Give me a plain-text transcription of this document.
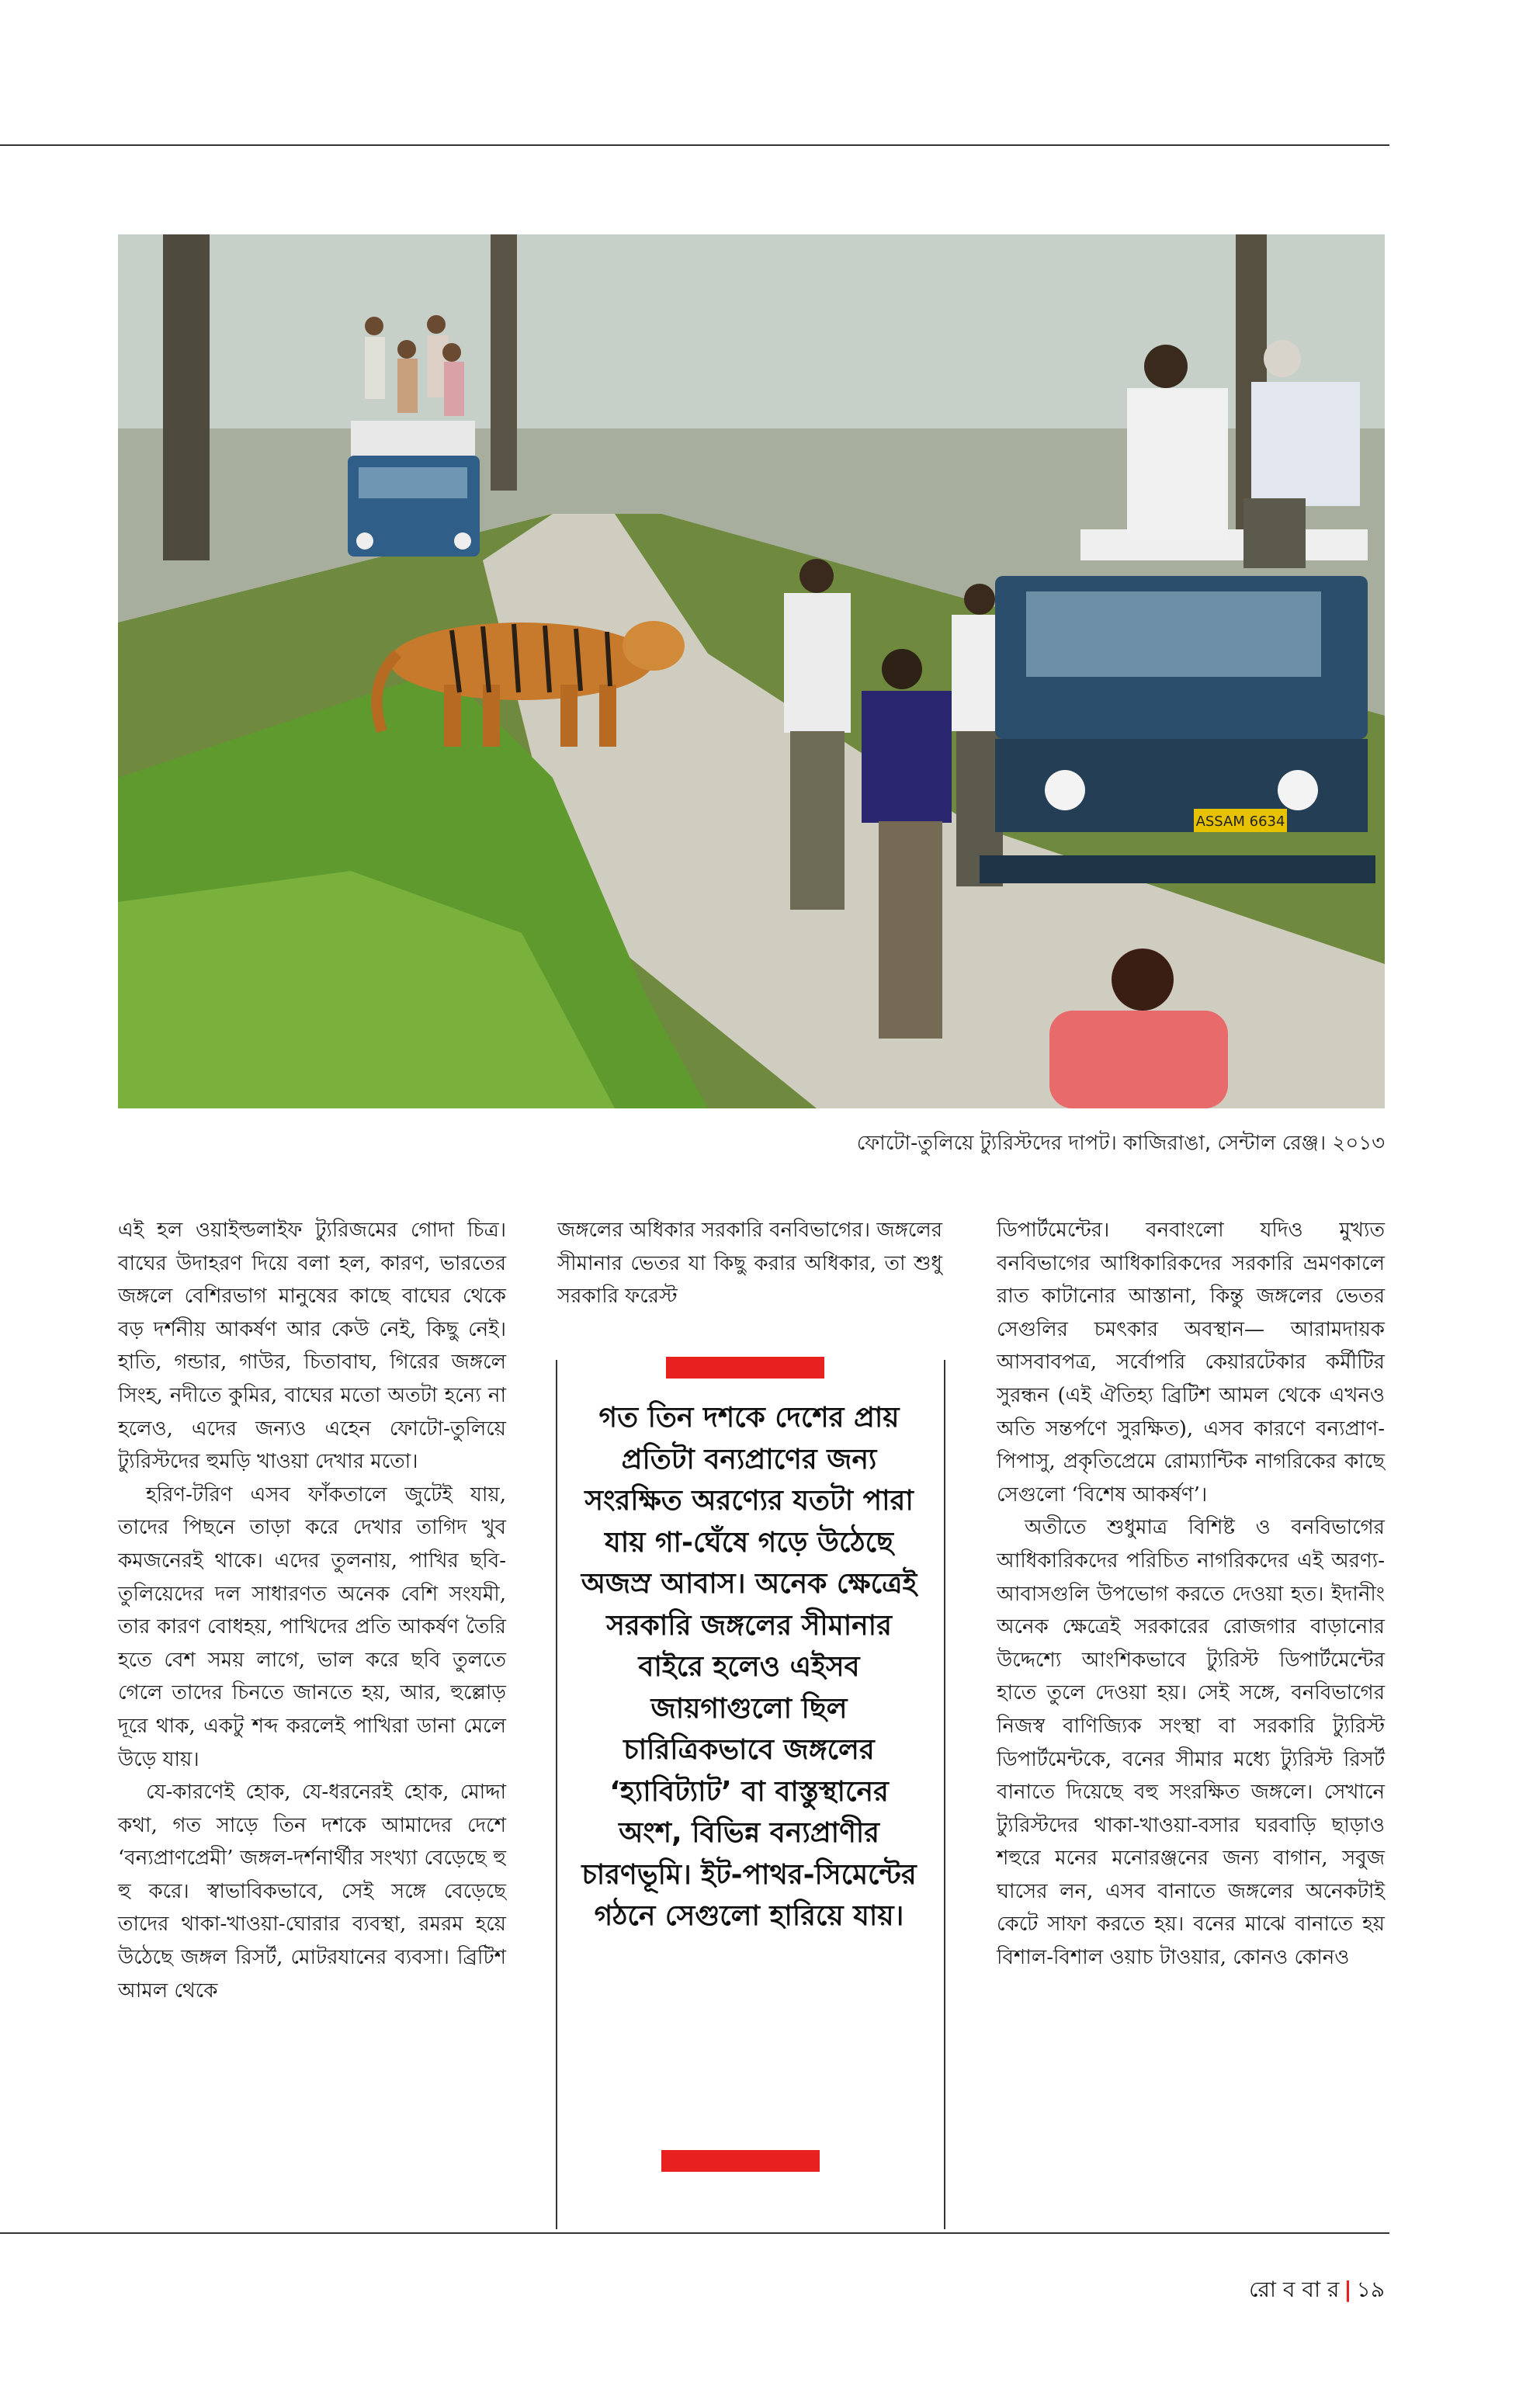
ASSAM 6634
ফোটো-তুলিয়ে ট্যুরিস্টদের দাপট। কাজিরাঙা, সেন্টাল রেঞ্জ। ২০১৩

এই হল ওয়াইল্ডলাইফ ট্যুরিজমের গোদা চিত্র। বাঘের উদাহরণ দিয়ে বলা হল, কারণ, ভারতের জঙ্গলে বেশিরভাগ মানুষের কাছে বাঘের থেকে বড় দর্শনীয় আকর্ষণ আর কেউ নেই, কিছু নেই। হাতি, গন্ডার, গাউর, চিতাবাঘ, গিরের জঙ্গলে সিংহ, নদীতে কুমির, বাঘের মতো অতটা হন্যে না হলেও, এদের জন্যও এহেন ফোটো-তুলিয়ে ট্যুরিস্টদের হুমড়ি খাওয়া দেখার মতো।

হরিণ-টরিণ এসব ফাঁকতালে জুটেই যায়, তাদের পিছনে তাড়া করে দেখার তাগিদ খুব কমজনেরই থাকে। এদের তুলনায়, পাখির ছবি-তুলিয়েদের দল সাধারণত অনেক বেশি সংযমী, তার কারণ বোধহয়, পাখিদের প্রতি আকর্ষণ তৈরি হতে বেশ সময় লাগে, ভাল করে ছবি তুলতে গেলে তাদের চিনতে জানতে হয়, আর, হুল্লোড় দূরে থাক, একটু শব্দ করলেই পাখিরা ডানা মেলে উড়ে যায়।

যে-কারণেই হোক, যে-ধরনেরই হোক, মোদ্দা কথা, গত সাড়ে তিন দশকে আমাদের দেশে ‘বন্যপ্রাণপ্রেমী’ জঙ্গল-দর্শনার্থীর সংখ্যা বেড়েছে হু হু করে। স্বাভাবিকভাবে, সেই সঙ্গে বেড়েছে তাদের থাকা-খাওয়া-ঘোরার ব্যবস্থা, রমরম হয়ে উঠেছে জঙ্গল রিসর্ট, মোটরযানের ব্যবসা। ব্রিটিশ আমল থেকে

জঙ্গলের অধিকার সরকারি বনবিভাগের। জঙ্গলের সীমানার ভেতর যা কিছু করার অধিকার, তা শুধু সরকারি ফরেস্ট

গত তিন দশকে দেশের প্রায় প্রতিটা বন্যপ্রাণের জন্য সংরক্ষিত অরণ্যের যতটা পারা যায় গা-ঘেঁষে গড়ে উঠেছে অজস্র আবাস। অনেক ক্ষেত্রেই সরকারি জঙ্গলের সীমানার বাইরে হলেও এইসব জায়গাগুলো ছিল চারিত্রিকভাবে জঙ্গলের ‘হ্যাবিট্যাট’ বা বাস্তুস্থানের অংশ, বিভিন্ন বন্যপ্রাণীর চারণভূমি। ইট-পাথর-সিমেন্টের গঠনে সেগুলো হারিয়ে যায়।

ডিপার্টমেন্টের। বনবাংলো যদিও মুখ্যত বনবিভাগের আধিকারিকদের সরকারি ভ্রমণকালে রাত কাটানোর আস্তানা, কিন্তু জঙ্গলের ভেতর সেগুলির চমৎকার অবস্থান— আরামদায়ক আসবাবপত্র, সর্বোপরি কেয়ারটেকার কর্মীটির সুরন্ধন (এই ঐতিহ্য ব্রিটিশ আমল থেকে এখনও অতি সন্তর্পণে সুরক্ষিত), এসব কারণে বন্যপ্রাণ-পিপাসু, প্রকৃতিপ্রেমে রোম্যান্টিক নাগরিকের কাছে সেগুলো ‘বিশেষ আকর্ষণ’।

অতীতে শুধুমাত্র বিশিষ্ট ও বনবিভাগের আধিকারিকদের পরিচিত নাগরিকদের এই অরণ্য-আবাসগুলি উপভোগ করতে দেওয়া হত। ইদানীং অনেক ক্ষেত্রেই সরকারের রোজগার বাড়ানোর উদ্দেশ্যে আংশিকভাবে ট্যুরিস্ট ডিপার্টমেন্টের হাতে তুলে দেওয়া হয়। সেই সঙ্গে, বনবিভাগের নিজস্ব বাণিজ্যিক সংস্থা বা সরকারি ট্যুরিস্ট ডিপার্টমেন্টকে, বনের সীমার মধ্যে ট্যুরিস্ট রিসর্ট বানাতে দিয়েছে বহু সংরক্ষিত জঙ্গলে। সেখানে ট্যুরিস্টদের থাকা-খাওয়া-বসার ঘরবাড়ি ছাড়াও শহুরে মনের মনোরঞ্জনের জন্য বাগান, সবুজ ঘাসের লন, এসব বানাতে জঙ্গলের অনেকটাই কেটে সাফা করতে হয়। বনের মাঝে বানাতে হয় বিশাল-বিশাল ওয়াচ টাওয়ার, কোনও কোনও

রো ব বা র | ১৯
